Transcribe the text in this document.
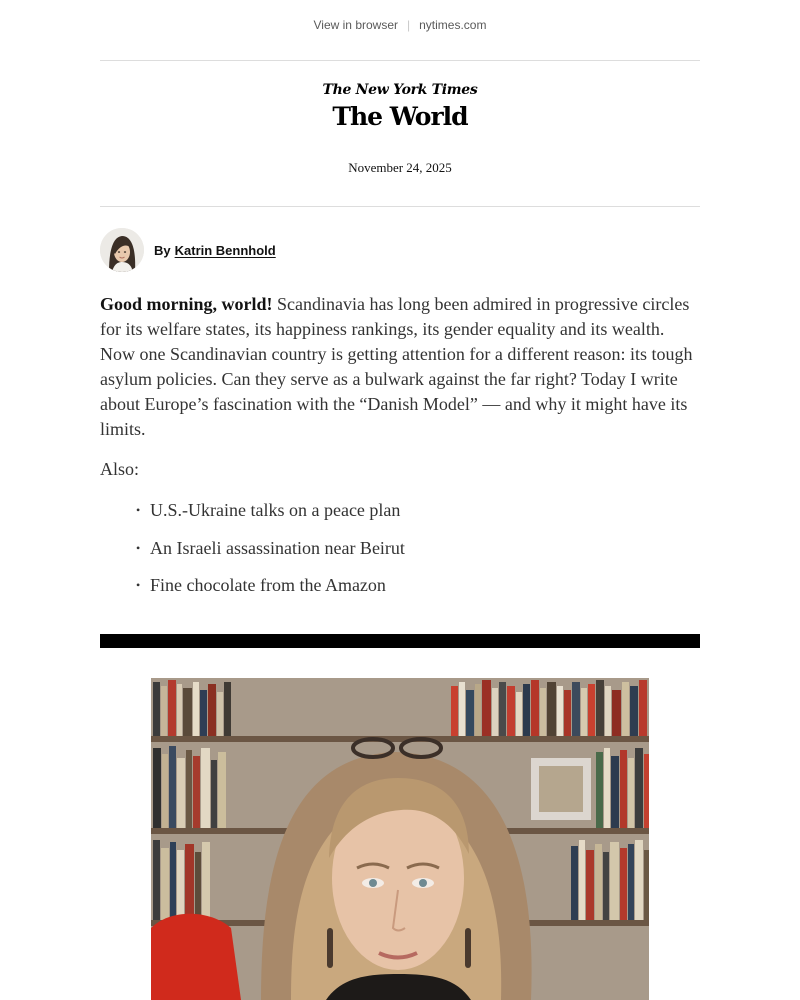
View in browser | nytimes.com
The New York Times
The World
November 24, 2025
By Katrin Bennhold

Good morning, world! Scandinavia has long been admired in progressive circles for its welfare states, its happiness rankings, its gender equality and its wealth. Now one Scandinavian country is getting attention for a different reason: its tough asylum policies. Can they serve as a bulwark against the far right? Today I write about Europe’s fascination with the “Danish Model” — and why it might have its limits.

Also:

• U.S.-Ukraine talks on a peace plan
• An Israeli assassination near Beirut
• Fine chocolate from the Amazon
